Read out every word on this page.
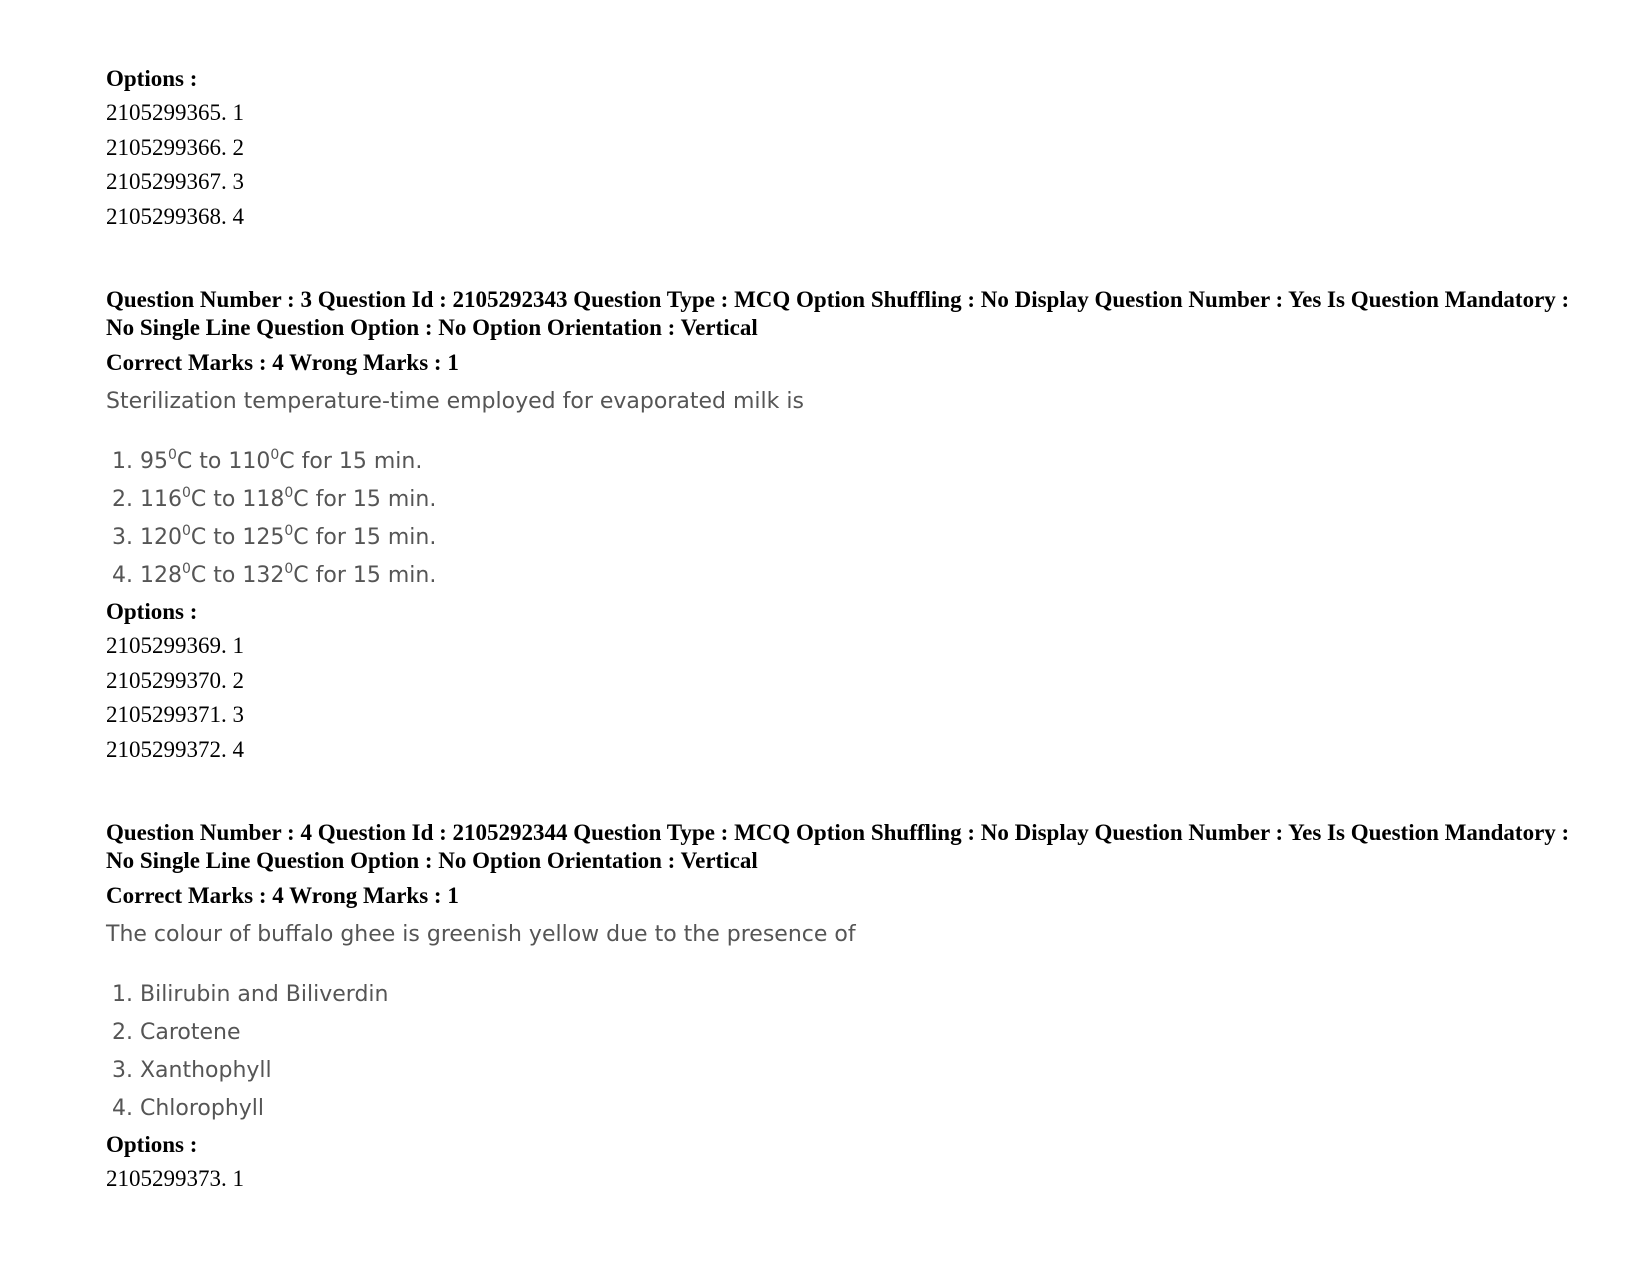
Options :
2105299365. 1
2105299366. 2
2105299367. 3
2105299368. 4
Question Number : 3 Question Id : 2105292343 Question Type : MCQ Option Shuffling : No Display Question Number : Yes Is Question Mandatory : No Single Line Question Option : No Option Orientation : Vertical
Correct Marks : 4 Wrong Marks : 1
Sterilization temperature-time employed for evaporated milk is
1. $95^0C$ to $110^0C$ for 15 min.
2. $116^0C$ to $118^0C$ for 15 min.
3. $120^0C$ to $125^0C$ for 15 min.
4. $128^0C$ to $132^0C$ for 15 min.
Options :
2105299369. 1
2105299370. 2
2105299371. 3
2105299372. 4
Question Number : 4 Question Id : 2105292344 Question Type : MCQ Option Shuffling : No Display Question Number : Yes Is Question Mandatory : No Single Line Question Option : No Option Orientation : Vertical
Correct Marks : 4 Wrong Marks : 1
The colour of buffalo ghee is greenish yellow due to the presence of
1. Bilirubin and Biliverdin
2. Carotene
3. Xanthophyll
4. Chlorophyll
Options :
2105299373. 1
